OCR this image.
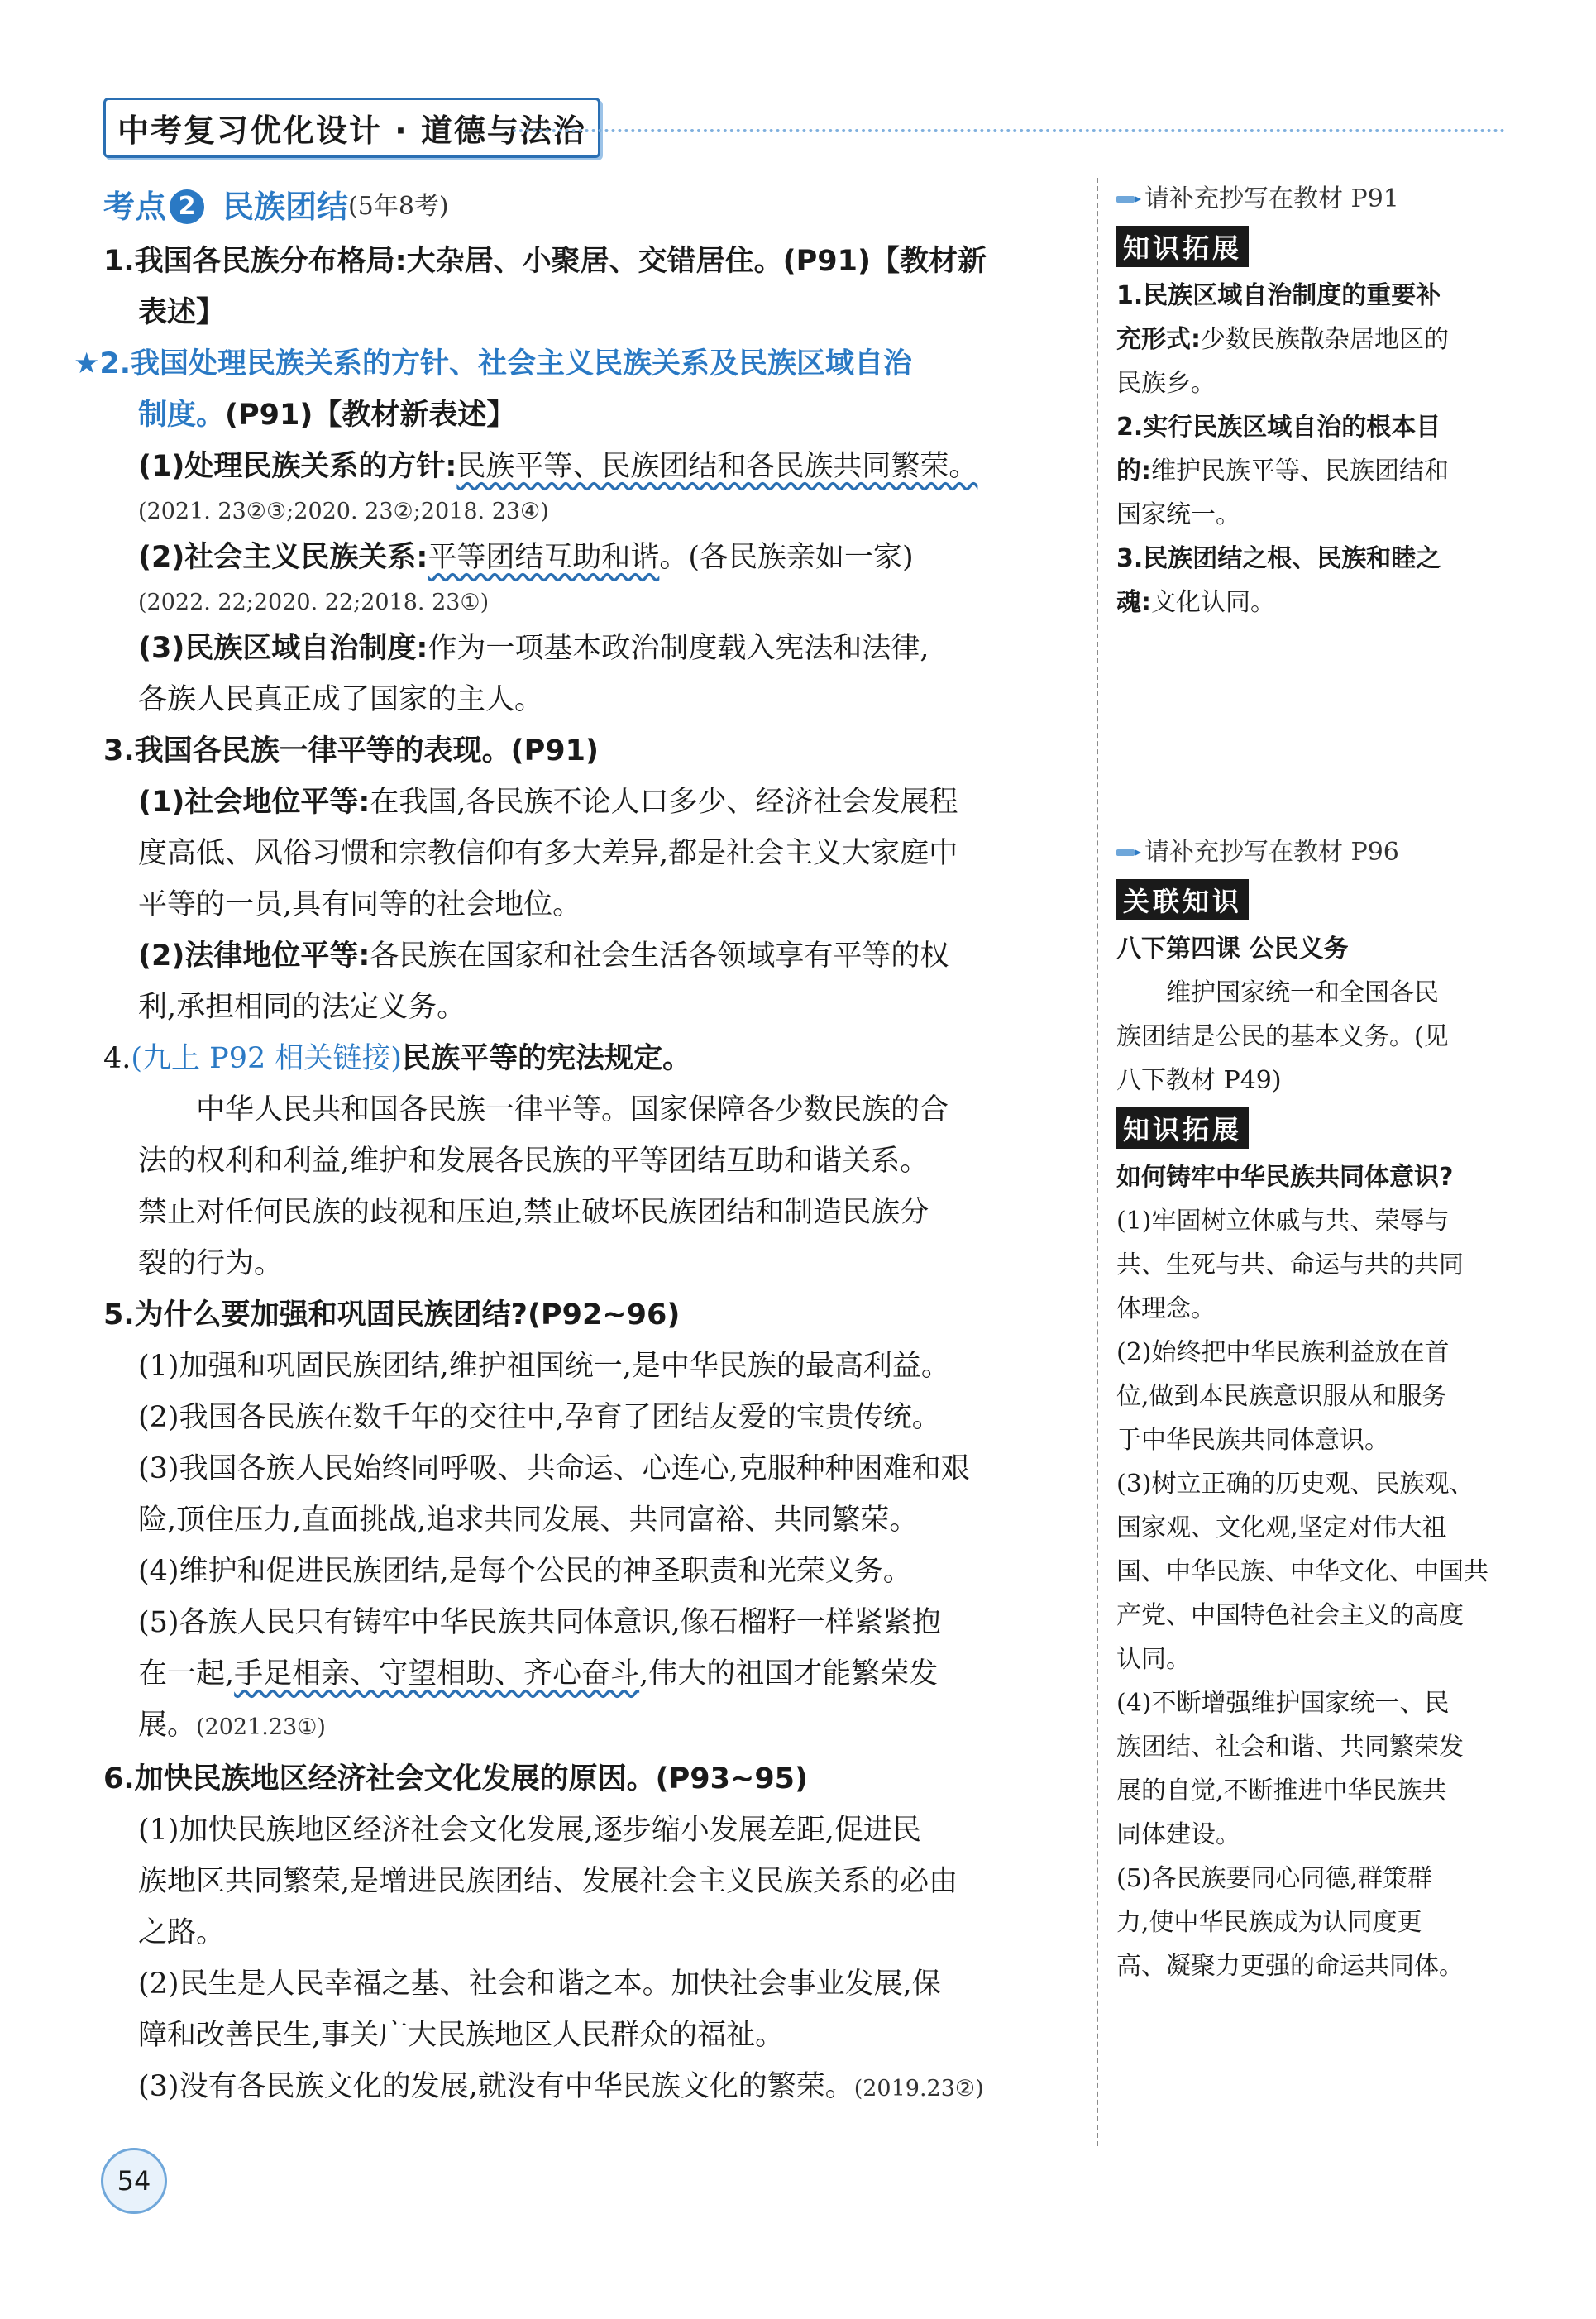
中考复习优化设计 · 道德与法治
考点 2 民族团结 (5年8考)
1.我国各民族分布格局:大杂居、小聚居、交错居住。(P91)【教材新
表述】
★2.我国处理民族关系的方针、社会主义民族关系及民族区域自治
制度。(P91)【教材新表述】
(1)处理民族关系的方针:民族平等、民族团结和各民族共同繁荣。
(2021. 23②③;2020. 23②;2018. 23④)
(2)社会主义民族关系:平等团结互助和谐。(各民族亲如一家)
(2022. 22;2020. 22;2018. 23①)
(3)民族区域自治制度:作为一项基本政治制度载入宪法和法律,
各族人民真正成了国家的主人。
3.我国各民族一律平等的表现。(P91)
(1)社会地位平等:在我国,各民族不论人口多少、经济社会发展程
度高低、风俗习惯和宗教信仰有多大差异,都是社会主义大家庭中
平等的一员,具有同等的社会地位。
(2)法律地位平等:各民族在国家和社会生活各领域享有平等的权
利,承担相同的法定义务。
4.(九上 P92 相关链接)民族平等的宪法规定。
中华人民共和国各民族一律平等。国家保障各少数民族的合
法的权利和利益,维护和发展各民族的平等团结互助和谐关系。
禁止对任何民族的歧视和压迫,禁止破坏民族团结和制造民族分
裂的行为。
5.为什么要加强和巩固民族团结?(P92~96)
(1)加强和巩固民族团结,维护祖国统一,是中华民族的最高利益。
(2)我国各民族在数千年的交往中,孕育了团结友爱的宝贵传统。
(3)我国各族人民始终同呼吸、共命运、心连心,克服种种困难和艰
险,顶住压力,直面挑战,追求共同发展、共同富裕、共同繁荣。
(4)维护和促进民族团结,是每个公民的神圣职责和光荣义务。
(5)各族人民只有铸牢中华民族共同体意识,像石榴籽一样紧紧抱
在一起,手足相亲、守望相助、齐心奋斗,伟大的祖国才能繁荣发
展。(2021.23①)
6.加快民族地区经济社会文化发展的原因。(P93~95)
(1)加快民族地区经济社会文化发展,逐步缩小发展差距,促进民
族地区共同繁荣,是增进民族团结、发展社会主义民族关系的必由
之路。
(2)民生是人民幸福之基、社会和谐之本。加快社会事业发展,保
障和改善民生,事关广大民族地区人民群众的福祉。
(3)没有各民族文化的发展,就没有中华民族文化的繁荣。(2019.23②)
请补充抄写在教材 P91
知识拓展
1.民族区域自治制度的重要补
充形式:少数民族散杂居地区的
民族乡。
2.实行民族区域自治的根本目
的:维护民族平等、民族团结和
国家统一。
3.民族团结之根、民族和睦之
魂:文化认同。
请补充抄写在教材 P96
关联知识
八下第四课 公民义务
维护国家统一和全国各民
族团结是公民的基本义务。(见
八下教材 P49)
知识拓展
如何铸牢中华民族共同体意识?
(1)牢固树立休戚与共、荣辱与
共、生死与共、命运与共的共同
体理念。
(2)始终把中华民族利益放在首
位,做到本民族意识服从和服务
于中华民族共同体意识。
(3)树立正确的历史观、民族观、
国家观、文化观,坚定对伟大祖
国、中华民族、中华文化、中国共
产党、中国特色社会主义的高度
认同。
(4)不断增强维护国家统一、民
族团结、社会和谐、共同繁荣发
展的自觉,不断推进中华民族共
同体建设。
(5)各民族要同心同德,群策群
力,使中华民族成为认同度更
高、凝聚力更强的命运共同体。
54
